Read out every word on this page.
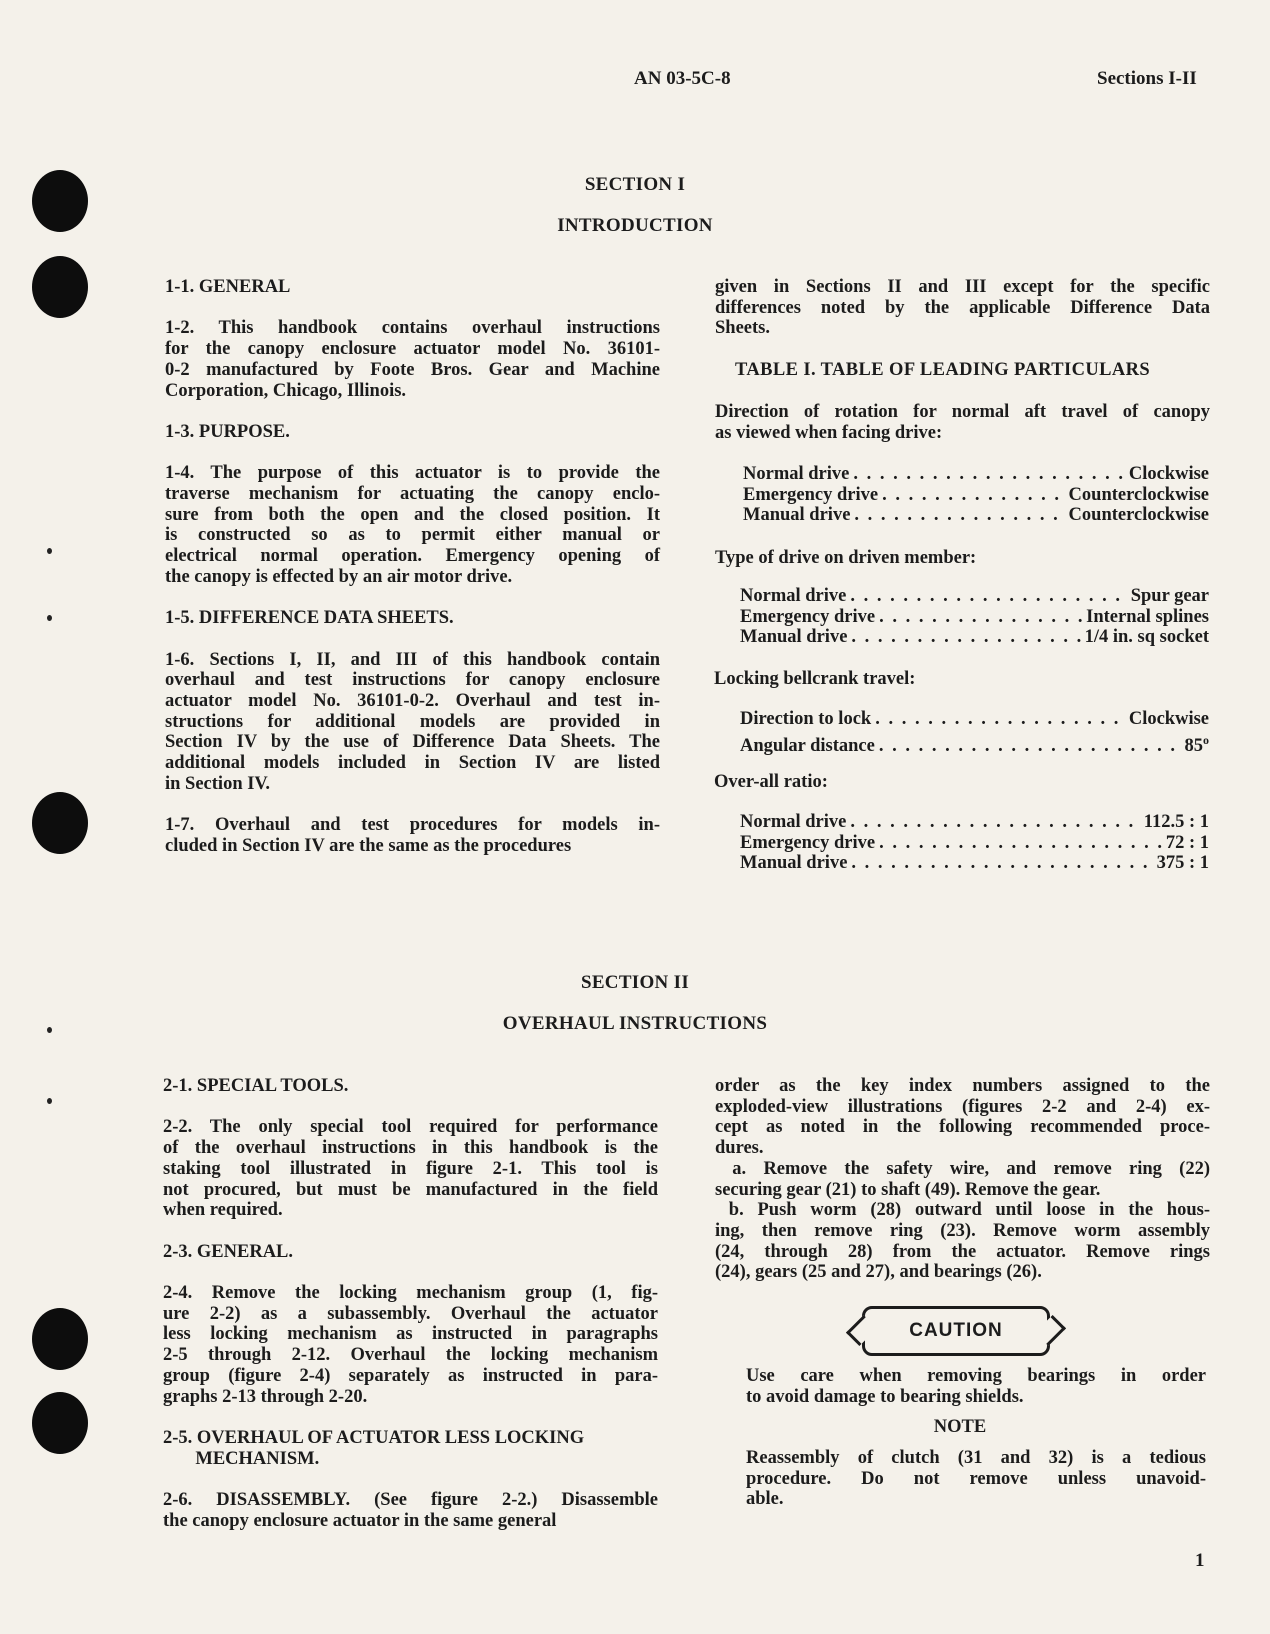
AN 03-5C-8	Sections I-II
SECTION I
INTRODUCTION

1-1. GENERAL

1-2. This handbook contains overhaul instructions

for the canopy enclosure actuator model No. 36101-

0-2 manufactured by Foote Bros. Gear and Machine

Corporation, Chicago, Illinois.

1-3. PURPOSE.

1-4. The purpose of this actuator is to provide the

traverse mechanism for actuating the canopy enclo-

sure from both the open and the closed position. It

is constructed so as to permit either manual or

electrical normal operation. Emergency opening of

the canopy is effected by an air motor drive.

1-5. DIFFERENCE DATA SHEETS.

1-6. Sections I, II, and III of this handbook contain

overhaul and test instructions for canopy enclosure

actuator model No. 36101-0-2. Overhaul and test in-

structions for additional models are provided in

Section IV by the use of Difference Data Sheets. The

additional models included in Section IV are listed

in Section IV.

1-7. Overhaul and test procedures for models in-

cluded in Section IV are the same as the procedures

given in Sections II and III except for the specific

differences noted by the applicable Difference Data

Sheets.

TABLE I. TABLE OF LEADING PARTICULARS

Direction of rotation for normal aft travel of canopy

as viewed when facing drive:

Normal drive . . .	Clockwise
Emergency drive . . .	Counterclockwise
Manual drive . . .	Counterclockwise
Type of drive on driven member:
Normal drive . . .	Spur gear
Emergency drive . . .	Internal splines
Manual drive . . .	1/4 in. sq socket
Locking bellcrank travel:
Direction to lock . . .	Clockwise
Angular distance . . .	85$^o$
Over-all ratio:
Normal drive . . .	112.5 : 1
Emergency drive . . .	72 : 1
Manual drive . . .	375 : 1
SECTION II
OVERHAUL INSTRUCTIONS

2-1. SPECIAL TOOLS.

2-2. The only special tool required for performance

of the overhaul instructions in this handbook is the

staking tool illustrated in figure 2-1. This tool is

not procured, but must be manufactured in the field

when required.

2-3. GENERAL.

2-4. Remove the locking mechanism group (1, fig-

ure 2-2) as a subassembly. Overhaul the actuator

less locking mechanism as instructed in paragraphs

2-5 through 2-12. Overhaul the locking mechanism

group (figure 2-4) separately as instructed in para-

graphs 2-13 through 2-20.

2-5. OVERHAUL OF ACTUATOR LESS LOCKING

MECHANISM.

2-6. DISASSEMBLY. (See figure 2-2.) Disassemble

the canopy enclosure actuator in the same general

order as the key index numbers assigned to the

exploded-view illustrations (figures 2-2 and 2-4) ex-

cept as noted in the following recommended proce-

dures.

a. Remove the safety wire, and remove ring (22)

securing gear (21) to shaft (49). Remove the gear.

b. Push worm (28) outward until loose in the hous-

ing, then remove ring (23). Remove worm assembly

(24, through 28) from the actuator. Remove rings

(24), gears (25 and 27), and bearings (26).

CAUTION

Use care when removing bearings in order

to avoid damage to bearing shields.

NOTE

Reassembly of clutch (31 and 32) is a tedious

procedure. Do not remove unless unavoid-

able.

1
